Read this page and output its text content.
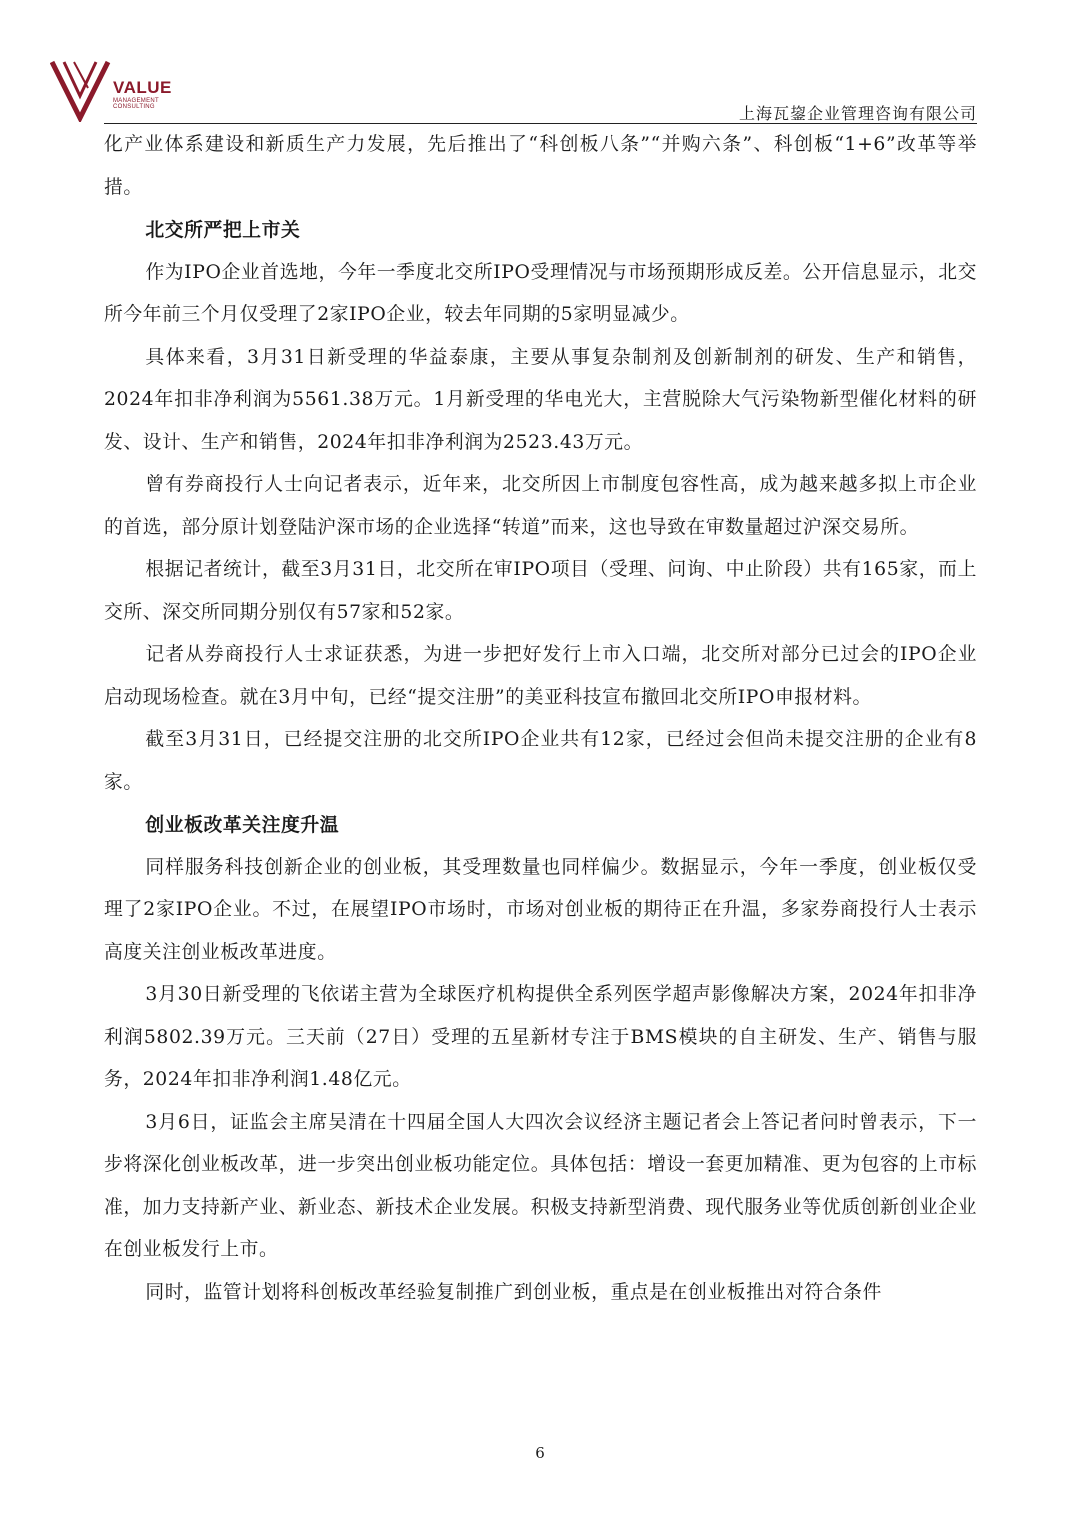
VALUE
MANAGEMENT CONSULTING	上海瓦鋆企业管理咨询有限公司

化产业体系建设和新质生产力发展，先后推出了“科创板八条”“并购六条”、科创板“1+6”改革等举措。

北交所严把上市关

作为IPO企业首选地，今年一季度北交所IPO受理情况与市场预期形成反差。公开信息显示，北交所今年前三个月仅受理了2家IPO企业，较去年同期的5家明显减少。

具体来看，3月31日新受理的华益泰康，主要从事复杂制剂及创新制剂的研发、生产和销售，2024年扣非净利润为5561.38万元。1月新受理的华电光大，主营脱除大气污染物新型催化材料的研发、设计、生产和销售，2024年扣非净利润为2523.43万元。

曾有券商投行人士向记者表示，近年来，北交所因上市制度包容性高，成为越来越多拟上市企业的首选，部分原计划登陆沪深市场的企业选择“转道”而来，这也导致在审数量超过沪深交易所。

根据记者统计，截至3月31日，北交所在审IPO项目（受理、问询、中止阶段）共有165家，而上交所、深交所同期分别仅有57家和52家。

记者从券商投行人士求证获悉，为进一步把好发行上市入口端，北交所对部分已过会的IPO企业启动现场检查。就在3月中旬，已经“提交注册”的美亚科技宣布撤回北交所IPO申报材料。

截至3月31日，已经提交注册的北交所IPO企业共有12家，已经过会但尚未提交注册的企业有8家。

创业板改革关注度升温

同样服务科技创新企业的创业板，其受理数量也同样偏少。数据显示，今年一季度，创业板仅受理了2家IPO企业。不过，在展望IPO市场时，市场对创业板的期待正在升温，多家券商投行人士表示高度关注创业板改革进度。

3月30日新受理的飞依诺主营为全球医疗机构提供全系列医学超声影像解决方案，2024年扣非净利润5802.39万元。三天前（27日）受理的五星新材专注于BMS模块的自主研发、生产、销售与服务，2024年扣非净利润1.48亿元。

3月6日，证监会主席吴清在十四届全国人大四次会议经济主题记者会上答记者问时曾表示，下一步将深化创业板改革，进一步突出创业板功能定位。具体包括：增设一套更加精准、更为包容的上市标准，加力支持新产业、新业态、新技术企业发展。积极支持新型消费、现代服务业等优质创新创业企业在创业板发行上市。

同时，监管计划将科创板改革经验复制推广到创业板，重点是在创业板推出对符合条件

6
